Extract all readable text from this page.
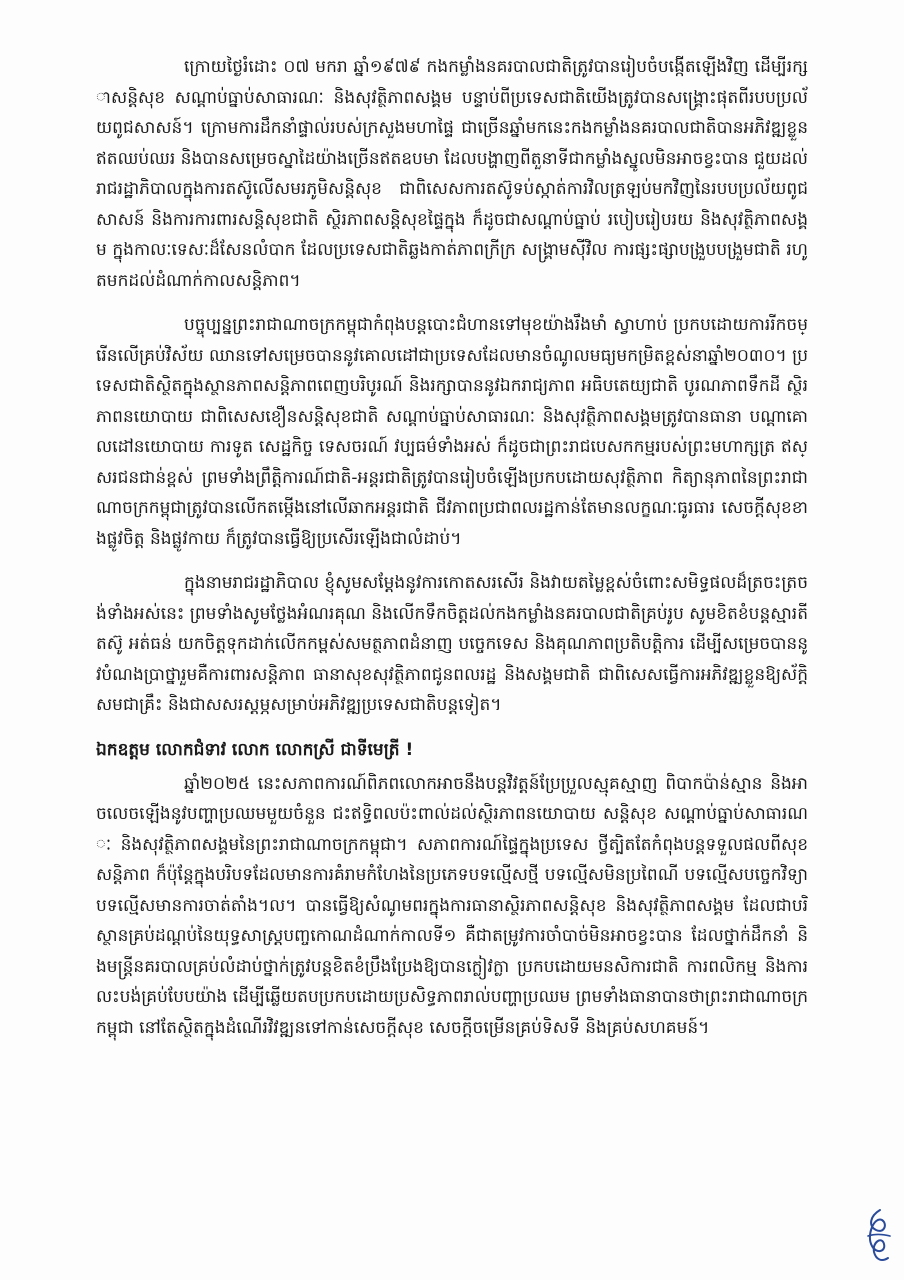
ក្រោយថ្ងៃរំដោះ ០៧ មករា ឆ្នាំ១៩៧៩ កងកម្លាំងនគរបាលជាតិត្រូវបានរៀបចំបង្កើតឡើងវិញ ដើម្បីរក្សាសន្តិសុខ សណ្តាប់ធ្នាប់សាធារណៈ និងសុវត្ថិភាពសង្គម បន្ទាប់ពីប្រទេសជាតិយើងត្រូវបានសង្គ្រោះផុតពីរបបប្រល័យពូជសាសន៍។ ក្រោមការដឹកនាំផ្ទាល់របស់ក្រសួងមហាផ្ទៃ ជាច្រើនឆ្នាំមកនេះកងកម្លាំងនគរបាលជាតិបានអភិវឌ្ឍខ្លួនឥតឈប់ឈរ និងបានសម្រេចស្នាដៃយ៉ាងច្រើនឥតឧបមា ដែលបង្ហាញពីតួនាទីជាកម្លាំងស្នូលមិនអាចខ្វះបាន ជួយដល់រាជរដ្ឋាភិបាលក្នុងការតស៊ូលើសមរភូមិសន្តិសុខ ជាពិសេសការតស៊ូទប់ស្កាត់ការវិលត្រឡប់មកវិញនៃរបបប្រល័យពូជសាសន៍ និងការការពារសន្តិសុខជាតិ ស្ថិរភាពសន្តិសុខផ្ទៃក្នុង ក៏ដូចជាសណ្តាប់ធ្នាប់ របៀបរៀបរយ និងសុវត្ថិភាពសង្គម ក្នុងកាលៈទេសៈដ៏សែនលំបាក ដែលប្រទេសជាតិឆ្លងកាត់ភាពក្រីក្រ សង្គ្រាមស៊ីវិល ការផ្សះផ្សាបង្រួបបង្រួមជាតិ រហូតមកដល់ដំណាក់កាលសន្តិភាព។

បច្ចុប្បន្នព្រះរាជាណាចក្រកម្ពុជាកំពុងបន្តបោះជំហានទៅមុខយ៉ាងរឹងមាំ ស្វាហាប់ ប្រកបដោយការរីកចម្រើនលើគ្រប់វិស័យ ឈានទៅសម្រេចបាននូវគោលដៅជាប្រទេសដែលមានចំណូលមធ្យមកម្រិតខ្ពស់នាឆ្នាំ២០៣០។ ប្រទេសជាតិស្ថិតក្នុងស្ថានភាពសន្តិភាពពេញបរិបូរណ៍ និងរក្សាបាននូវឯករាជ្យភាព អធិបតេយ្យជាតិ បូរណភាពទឹកដី ស្ថិរភាពនយោបាយ ជាពិសេសខឿនសន្តិសុខជាតិ សណ្តាប់ធ្នាប់សាធារណៈ និងសុវត្ថិភាពសង្គមត្រូវបានធានា បណ្តាគោលដៅនយោបាយ ការទូត សេដ្ឋកិច្ច ទេសចរណ៍ វប្បធម៌ទាំងអស់ ក៏ដូចជាព្រះរាជបេសកកម្មរបស់ព្រះមហាក្សត្រ ឥស្សរជនជាន់ខ្ពស់ ព្រមទាំងព្រឹត្តិការណ៍ជាតិ-អន្តរជាតិត្រូវបានរៀបចំឡើងប្រកបដោយសុវត្ថិភាព កិត្យានុភាពនៃព្រះរាជាណាចក្រកម្ពុជាត្រូវបានលើកតម្កើងនៅលើឆាកអន្តរជាតិ ជីវភាពប្រជាពលរដ្ឋកាន់តែមានលក្ខណៈធូរធារ សេចក្តីសុខខាងផ្លូវចិត្ត និងផ្លូវកាយ ក៏ត្រូវបានធ្វើឱ្យប្រសើរឡើងជាលំដាប់។

ក្នុងនាមរាជរដ្ឋាភិបាល ខ្ញុំសូមសម្តែងនូវការកោតសរសើរ និងវាយតម្លៃខ្ពស់ចំពោះសមិទ្ធផលដ៏ត្រចះត្រចង់ទាំងអស់នេះ ព្រមទាំងសូមថ្លែងអំណរគុណ និងលើកទឹកចិត្តដល់កងកម្លាំងនគរបាលជាតិគ្រប់រូប សូមខិតខំបន្តស្មារតីតស៊ូ អត់ធន់ យកចិត្តទុកដាក់លើកកម្ពស់សមត្ថភាពដំនាញ បច្ចេកទេស និងគុណភាពប្រតិបត្តិការ ដើម្បីសម្រេចបាននូវបំណងប្រាថ្នារួមគឺការពារសន្តិភាព ធានាសុខសុវត្ថិភាពជូនពលរដ្ឋ និងសង្គមជាតិ ជាពិសេសធ្វើការអភិវឌ្ឍខ្លួនឱ្យស័ក្តិសមជាគ្រឹះ និងជាសសរស្តម្ភសម្រាប់អភិវឌ្ឍប្រទេសជាតិបន្តទៀត។

ឯកឧត្តម លោកជំទាវ លោក លោកស្រី ជាទីមេត្រី !

ឆ្នាំ២០២៥ នេះសភាពការណ៍ពិភពលោកអាចនឹងបន្តវិវត្តន៍ប្រែប្រួលស្មុគស្មាញ ពិបាកប៉ាន់ស្មាន និងអាចលេចឡើងនូវបញ្ហាប្រឈមមួយចំនួន ជះឥទ្ធិពលប៉ះពាល់ដល់ស្ថិរភាពនយោបាយ សន្តិសុខ សណ្តាប់ធ្នាប់សាធារណៈ និងសុវត្ថិភាពសង្គមនៃព្រះរាជាណាចក្រកម្ពុជា។ សភាពការណ៍ផ្ទៃក្នុងប្រទេស ថ្វីត្បិតតែកំពុងបន្តទទួលផលពីសុខសន្តិភាព ក៏ប៉ុន្តែក្នុងបរិបទដែលមានការគំរាមកំហែងនៃប្រភេទបទល្មើសថ្មី បទល្មើសមិនប្រពៃណី បទល្មើសបច្ចេកវិទ្យា បទល្មើសមានការចាត់តាំង។ល។ បានធ្វើឱ្យសំណូមពរក្នុងការធានាស្ថិរភាពសន្តិសុខ និងសុវត្ថិភាពសង្គម ដែលជាបរិស្ថានគ្រប់ដណ្តប់នៃយុទ្ធសាស្ត្របញ្ចកោណដំណាក់កាលទី១ គឺជាតម្រូវការចាំបាច់មិនអាចខ្វះបាន ដែលថ្នាក់ដឹកនាំ និងមន្ត្រីនគរបាលគ្រប់លំដាប់ថ្នាក់ត្រូវបន្តខិតខំប្រឹងប្រែងឱ្យបានក្លៀវក្លា ប្រកបដោយមនសិការជាតិ ការពលិកម្ម និងការលះបង់គ្រប់បែបយ៉ាង ដើម្បីឆ្លើយតបប្រកបដោយប្រសិទ្ធភាពរាល់បញ្ហាប្រឈម ព្រមទាំងធានាបានថាព្រះរាជាណាចក្រកម្ពុជា នៅតែស្ថិតក្នុងដំណើរវិវឌ្ឍនទៅកាន់សេចក្តីសុខ សេចក្តីចម្រើនគ្រប់ទិសទី និងគ្រប់សហគមន៍។
